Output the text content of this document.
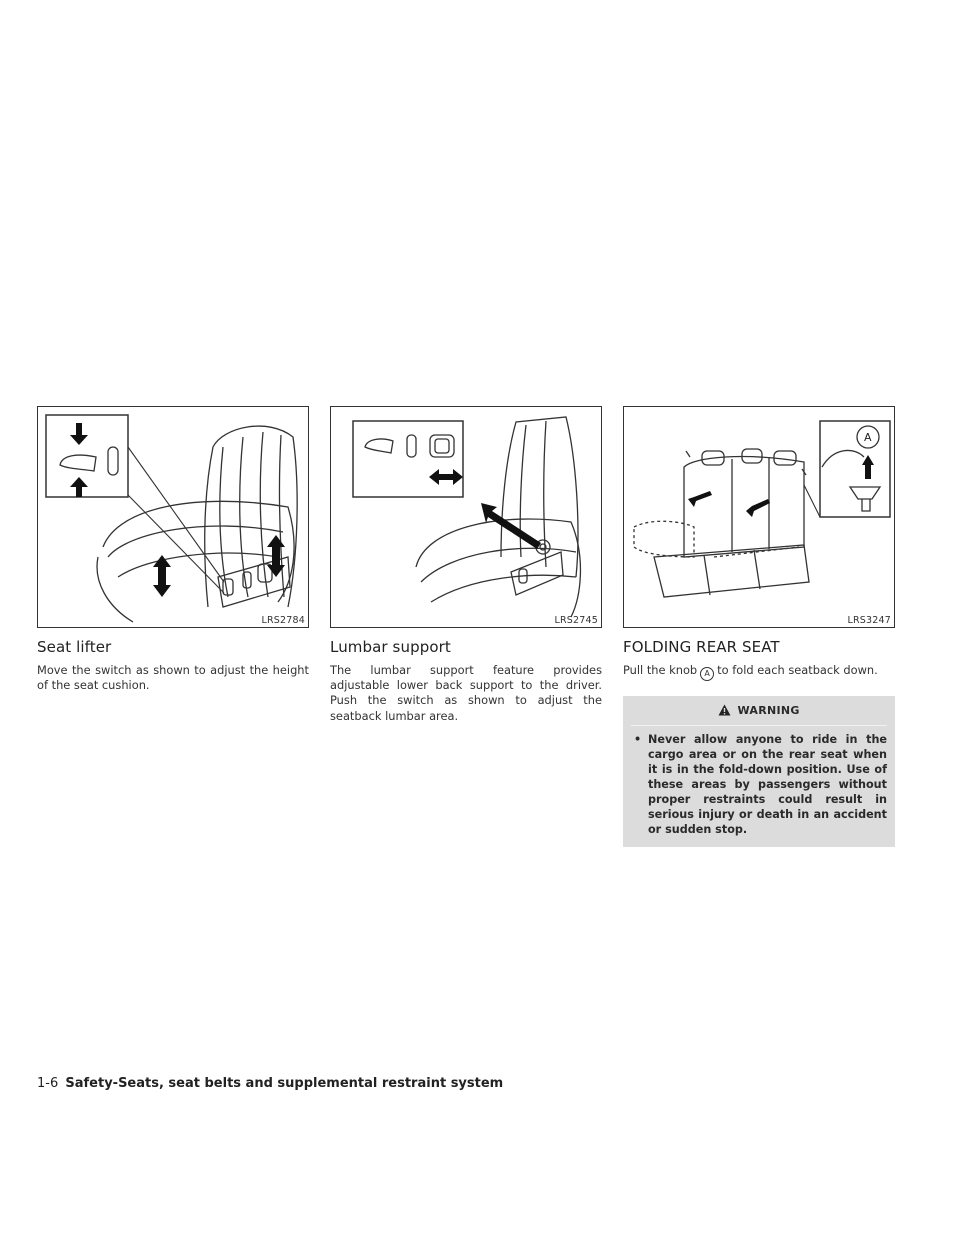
LRS2784
Seat lifter

Move the switch as shown to adjust the height of the seat cushion.

LRS2745
Lumbar support

The lumbar support feature provides adjustable lower back support to the driver. Push the switch as shown to adjust the seatback lumbar area.

A
LRS3247
FOLDING REAR SEAT

Pull the knob A to fold each seatback down.

WARNING
• Never allow anyone to ride in the cargo area or on the rear seat when it is in the fold-down position. Use of these areas by passengers without proper restraints could result in serious injury or death in an accident or sudden stop.
1-6 Safety-Seats, seat belts and supplemental restraint system
